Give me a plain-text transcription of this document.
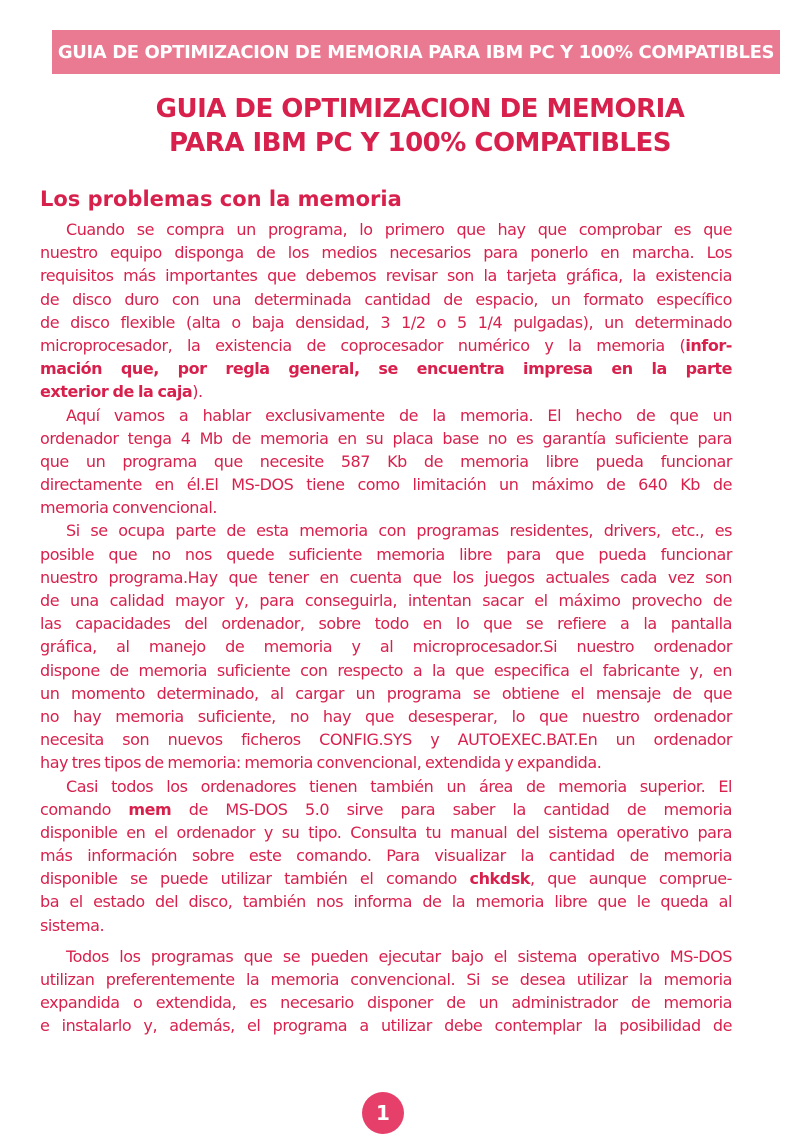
GUIA DE OPTIMIZACION DE MEMORIA PARA IBM PC Y 100% COMPATIBLES
GUIA DE OPTIMIZACION DE MEMORIA
PARA IBM PC Y 100% COMPATIBLES
Los problemas con la memoria
Cuando se compra un programa, lo primero que hay que comprobar es que
nuestro equipo disponga de los medios necesarios para ponerlo en marcha. Los
requisitos más importantes que debemos revisar son la tarjeta gráfica, la existencia
de disco duro con una determinada cantidad de espacio, un formato específico
de disco flexible (alta o baja densidad, 3 1/2 o 5 1/4 pulgadas), un determinado
microprocesador, la existencia de coprocesador numérico y la memoria (infor-
mación que, por regla general, se encuentra impresa en la parte
exterior de la caja).
Aquí vamos a hablar exclusivamente de la memoria. El hecho de que un
ordenador tenga 4 Mb de memoria en su placa base no es garantía suficiente para
que un programa que necesite 587 Kb de memoria libre pueda funcionar
directamente en él.El MS-DOS tiene como limitación un máximo de 640 Kb de
memoria convencional.
Si se ocupa parte de esta memoria con programas residentes, drivers, etc., es
posible que no nos quede suficiente memoria libre para que pueda funcionar
nuestro programa.Hay que tener en cuenta que los juegos actuales cada vez son
de una calidad mayor y, para conseguirla, intentan sacar el máximo provecho de
las capacidades del ordenador, sobre todo en lo que se refiere a la pantalla
gráfica, al manejo de memoria y al microprocesador.Si nuestro ordenador
dispone de memoria suficiente con respecto a la que especifica el fabricante y, en
un momento determinado, al cargar un programa se obtiene el mensaje de que
no hay memoria suficiente, no hay que desesperar, lo que nuestro ordenador
necesita son nuevos ficheros CONFIG.SYS y AUTOEXEC.BAT.En un ordenador
hay tres tipos de memoria: memoria convencional, extendida y expandida.
Casi todos los ordenadores tienen también un área de memoria superior. El
comando mem de MS-DOS 5.0 sirve para saber la cantidad de memoria
disponible en el ordenador y su tipo. Consulta tu manual del sistema operativo para
más información sobre este comando. Para visualizar la cantidad de memoria
disponible se puede utilizar también el comando chkdsk, que aunque comprue-
ba el estado del disco, también nos informa de la memoria libre que le queda al
sistema.
Todos los programas que se pueden ejecutar bajo el sistema operativo MS-DOS
utilizan preferentemente la memoria convencional. Si se desea utilizar la memoria
expandida o extendida, es necesario disponer de un administrador de memoria
e instalarlo y, además, el programa a utilizar debe contemplar la posibilidad de
1
